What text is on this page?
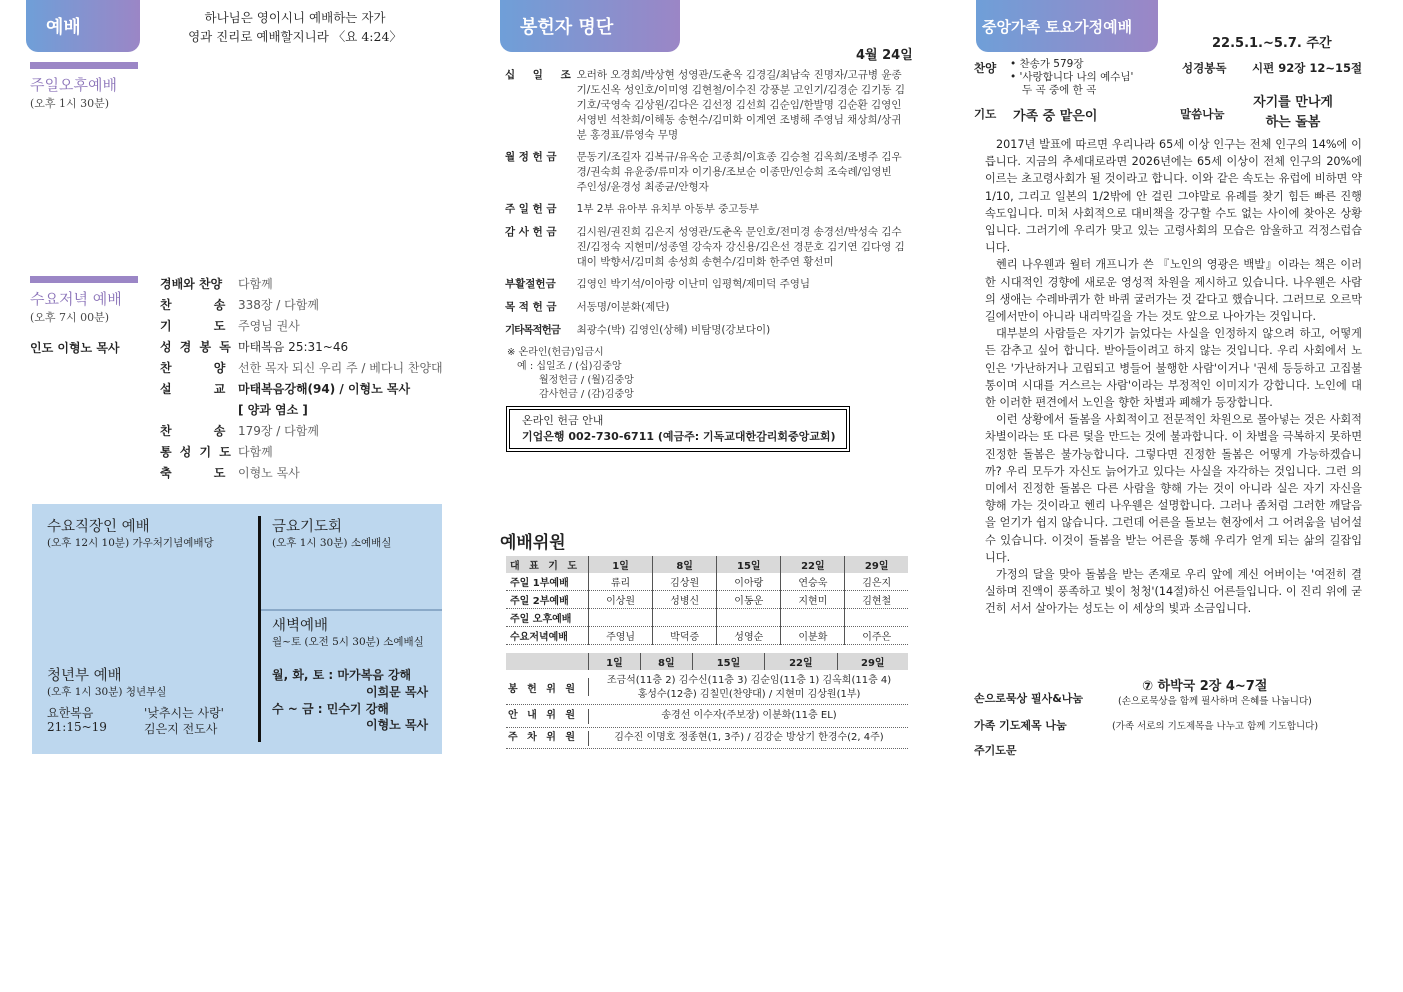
예배	하나님은 영이시니 예배하는 자가
영과 진리로 예배할지니라 〈요 4:24〉
주일오후예배
(오후 1시 30분)
수요저녁 예배
(오후 7시 00분)
인도 이형노 목사
경배와 찬양	다함께
찬 송	338장 / 다함께
기 도	주영님 권사
성 경 봉 독 마태복음 25:31~46
찬 양	선한 목자 되신 우리 주 / 베다니 찬양대
설 교	마태복음강해(94) / 이형노 목사
[ 양과 염소 ]
찬 송	179장 / 다함께
통 성 기 도 다함께
축 도	이형노 목사
수요직장인 예배
(오후 12시 10분) 가우처기념예배당
금요기도회
(오후 1시 30분) 소예배실
새벽예배
월~토 (오전 5시 30분) 소예배실
월, 화, 토 : 마가복음 강해
이희문 목사
수 ~ 금 : 민수기 강해
이형노 목사
청년부 예배
(오후 1시 30분) 청년부실
요한복음
21:15~19
'낮추시는 사랑'
김은지 전도사
봉헌자 명단
4월 24일
십 일 조 오러하 오경희/박상현 성영관/도춘옥 김경길/최남숙 진명자/고규병 윤종기/도신옥 성인호/이미영 김현철/이수진 강풍분 고인기/김경순 김기동 김기호/국영숙 김상원/김다은 김선정 김선희 김순임/한발명 김순환 김영인 서영빈 석찬희/이해동 송현수/김미화 이계연 조병해 주영님 채상희/상귀분 홍경표/류영숙 무명
월 정 헌 금	문동기/조길자 김복규/유옥순 고종희/이효종 김승철 김옥희/조병주 김우경/권숙희 유윤중/류미자 이기용/조보순 이종만/인승희 조숙례/임영빈 주인성/윤경성 최종균/안형자
주 일 헌 금	1부 2부 유아부 유치부 아동부 중고등부
감 사 헌 금	김시원/권진희 김은지 성영관/도춘옥 문인호/전미경 송경선/박성숙 김수진/김정숙 지현미/성종열 강숙자 강신용/김은선 경문호 김기연 김다영 김대이 박향서/김미희 송성희 송현수/김미화 한주연 황선미
부활절헌금	김영인 박기석/이아랑 이난미 임평혁/제미덕 주영님
목 적 헌 금	서동명/이분화(제단)
기타목적헌금	최광수(박) 김영인(상해) 비탐명(강보다이)
※ 온라인(헌금)입금시
예 : 십일조 / (십)김중앙
월정헌금 / (월)김중앙
감사헌금 / (감)김중앙
온라인 헌금 안내
기업은행 002-730-6711 (예금주: 기독교대한감리회중앙교회)
예배위원
대 표 기 도	1일	8일	15일	22일	29일
주일 1부예배	류리	김상원	이아랑	연승욱	김은지
주일 2부예배	이상원	성병신	이동운	지현미	김현철
주일 오후예배					
수요저녁예배	주영님	박덕증	성영순	이분화	이주은
	1일	8일	15일	22일	29일
봉 헌 위 원
조금석(11층 2) 김수신(11층 3) 김순임(11층 1) 김옥희(11층 4)
홍성수(12층) 김칠민(찬양대) / 지현미 김상원(1부)
안 내 위 원	송경선 이수자(주보장) 이분화(11층 EL)
주 차 위 원	김수진 이명호 정종현(1, 3주) / 김강순 방상기 한경수(2, 4주)
중앙가족 토요가정예배
22.5.1.~5.7. 주간
찬양 • 찬송가 579장
• '사랑합니다 나의 예수님'
두 곡 중에 한 곡
성경봉독 시편 92장 12~15절
기도 가족 중 맡은이	말씀나눔
자기를 만나게
하는 돌봄

2017년 발표에 따르면 우리나라 65세 이상 인구는 전체 인구의 14%에 이릅니다. 지금의 추세대로라면 2026년에는 65세 이상이 전체 인구의 20%에 이르는 초고령사회가 될 것이라고 합니다. 이와 같은 속도는 유럽에 비하면 약 1/10, 그리고 일본의 1/2밖에 안 걸린 그야말로 유례를 찾기 힘든 빠른 진행 속도입니다. 미처 사회적으로 대비책을 강구할 수도 없는 사이에 찾아온 상황입니다. 그러기에 우리가 맞고 있는 고령사회의 모습은 암울하고 걱정스럽습니다.

헨리 나우웬과 월터 개프니가 쓴 『노인의 영광은 백발』이라는 책은 이러한 시대적인 경향에 새로운 영성적 차원을 제시하고 있습니다. 나우웬은 사람의 생애는 수레바퀴가 한 바퀴 굴러가는 것 같다고 했습니다. 그러므로 오르막길에서만이 아니라 내리막길을 가는 것도 앞으로 나아가는 것입니다.

대부분의 사람들은 자기가 늙었다는 사실을 인정하지 않으려 하고, 어떻게든 감추고 싶어 합니다. 받아들이려고 하지 않는 것입니다. 우리 사회에서 노인은 '가난하거나 고립되고 병들어 불행한 사람'이거나 '권세 등등하고 고집불통이며 시대를 거스르는 사람'이라는 부정적인 이미지가 강합니다. 노인에 대한 이러한 편견에서 노인을 향한 차별과 폐해가 등장합니다.

이런 상황에서 돌봄을 사회적이고 전문적인 차원으로 몰아넣는 것은 사회적 차별이라는 또 다른 덫을 만드는 것에 불과합니다. 이 차별을 극복하지 못하면 진정한 돌봄은 불가능합니다. 그렇다면 진정한 돌봄은 어떻게 가능하겠습니까? 우리 모두가 자신도 늙어가고 있다는 사실을 자각하는 것입니다. 그런 의미에서 진정한 돌봄은 다른 사람을 향해 가는 것이 아니라 실은 자기 자신을 향해 가는 것이라고 헨리 나우웬은 설명합니다. 그러나 좀처럼 그러한 깨달음을 얻기가 쉽지 않습니다. 그런데 어른을 돌보는 현장에서 그 어려움을 넘어설 수 있습니다. 이것이 돌봄을 받는 어른을 통해 우리가 얻게 되는 삶의 길잡입니다.

가정의 달을 맞아 돌봄을 받는 존재로 우리 앞에 계신 어버이는 '여전히 결실하며 진액이 풍족하고 빛이 청청'(14절)하신 어른들입니다. 이 진리 위에 굳건히 서서 살아가는 성도는 이 세상의 빛과 소금입니다.

⑦ 하박국 2장 4~7절
손으로묵상 필사&나눔	(손으로묵상을 함께 필사하며 은혜를 나눕니다)
가족 기도제목 나눔	(가족 서로의 기도제목을 나누고 함께 기도합니다)
주기도문
